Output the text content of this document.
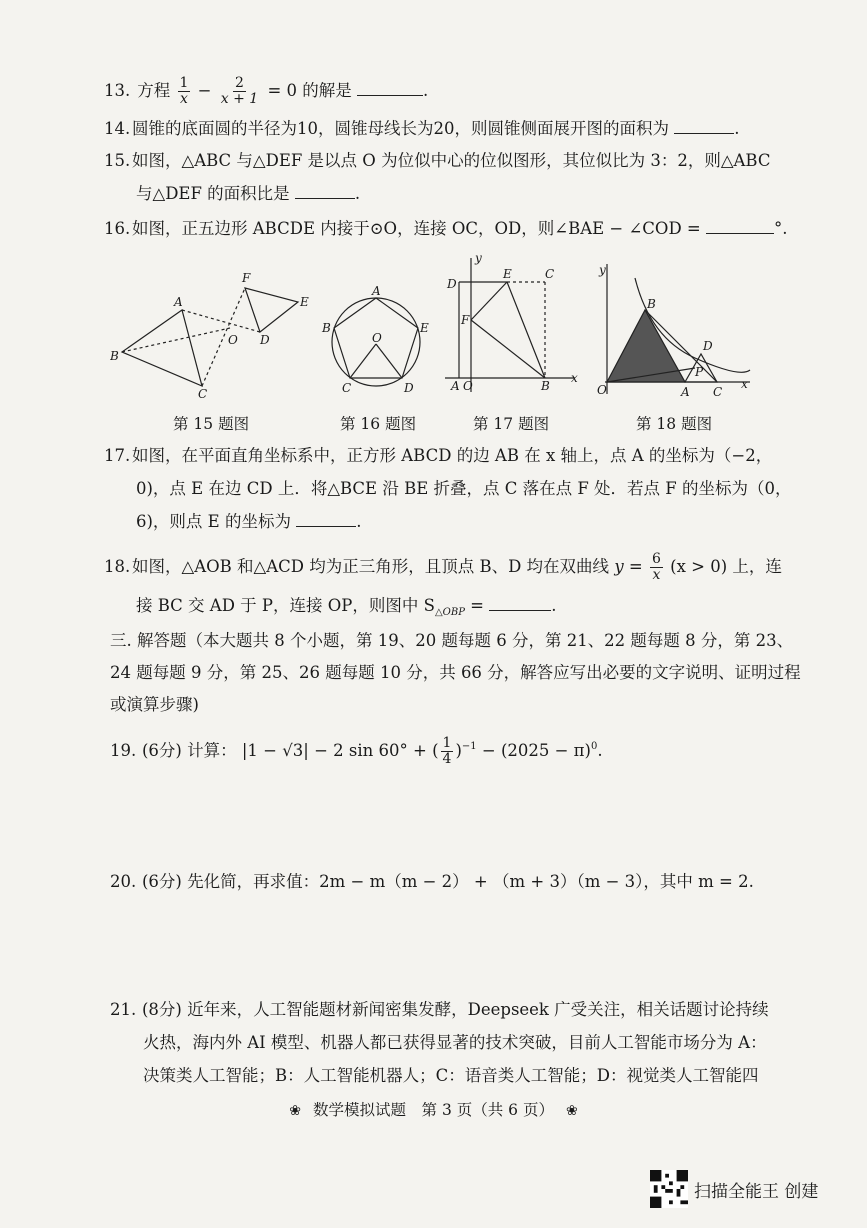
13. 方程 $\frac{1}{x} - \frac{2}{x + 1} = 0$ 的解是	.
14. 圆锥的底面圆的半径为10，圆锥母线长为20，则圆锥侧面展开图的面积为	.
15. 如图，△ABC 与△DEF 是以点 O 为位似中心的位似图形，其位似比为 3：2，则△ABC
与△DEF 的面积比是	.
16. 如图，正五边形 ABCDE 内接于⊙O，连接 OC，OD，则∠BAE − ∠COD =	°.
B
A
C
O
F
E
D
第 15 题图
A
B	E
O
C	D
第 16 题图
y
D
E	C
F
A O	B
x
第 17 题图
y
B
D
P
O	A C
x
第 18 题图
17. 如图，在平面直角坐标系中，正方形 ABCD 的边 AB 在 x 轴上，点 A 的坐标为（−2，
0)，点 E 在边 CD 上．将△BCE 沿 BE 折叠，点 C 落在点 F 处．若点 F 的坐标为（0，
6)，则点 E 的坐标为	.
18. 如图，△AOB 和△ACD 均为正三角形，且顶点 B、D 均在双曲线 $y = \frac{6}{x} (x > 0)$ 上，连
接 BC 交 AD 于 P，连接 OP，则图中 $S_{\triangle OBP}$ =	.
三. 解答题（本大题共 8 个小题，第 19、20 题每题 6 分，第 21、22 题每题 8 分，第 23、
24 题每题 9 分，第 25、26 题每题 10 分，共 66 分，解答应写出必要的文字说明、证明过程
或演算步骤)
19. (6分) 计算： |1 − √3| − 2 sin 60° + ( $\frac{1}{4} )^{-1} - (2025 - \pi)^0$.
20. (6分) 先化简，再求值：2m − m（m − 2） + （m + 3）（m − 3），其中 m = 2.
21. (8分) 近年来，人工智能题材新闻密集发酵，Deepseek 广受关注，相关话题讨论持续
火热，海内外 AI 模型、机器人都已获得显著的技术突破，目前人工智能市场分为 A：
决策类人工智能；B：人工智能机器人；C：语音类人工智能；D：视觉类人工智能四
❀ 数学模拟试题　第 3 页（共 6 页） ❀
扫描全能王 创建
